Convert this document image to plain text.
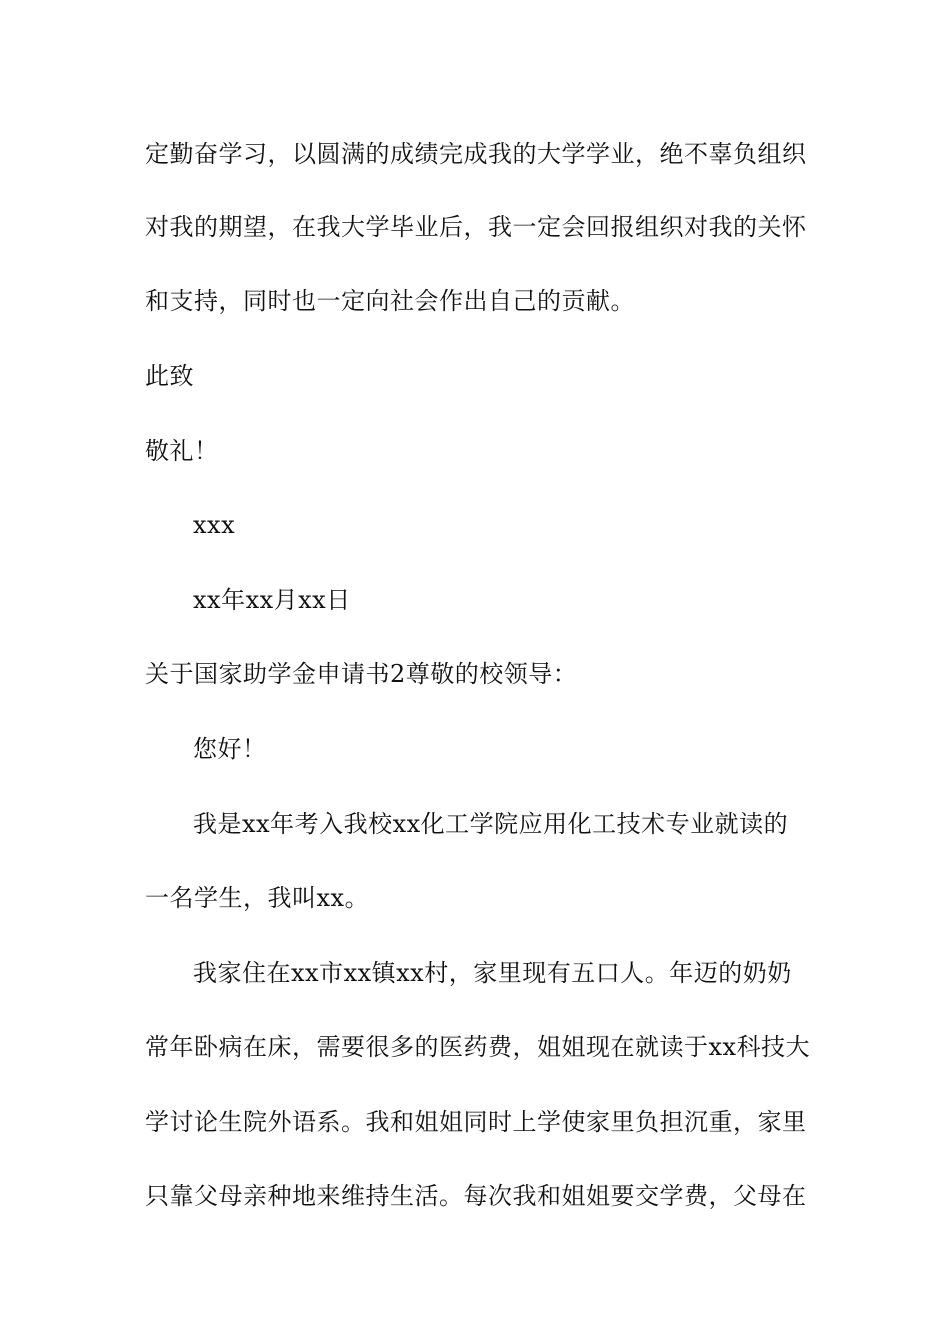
定勤奋学习，以圆满的成绩完成我的大学学业，绝不辜负组织
对我的期望，在我大学毕业后，我一定会回报组织对我的关怀
和支持，同时也一定向社会作出自己的贡献。
此致
敬礼！
xxx
xx年xx月xx日
关于国家助学金申请书2尊敬的校领导：
您好！
我是xx年考入我校xx化工学院应用化工技术专业就读的
一名学生，我叫xx。
我家住在xx市xx镇xx村，家里现有五口人。年迈的奶奶
常年卧病在床，需要很多的医药费，姐姐现在就读于xx科技大
学讨论生院外语系。我和姐姐同时上学使家里负担沉重，家里
只靠父母亲种地来维持生活。每次我和姐姐要交学费，父母在
